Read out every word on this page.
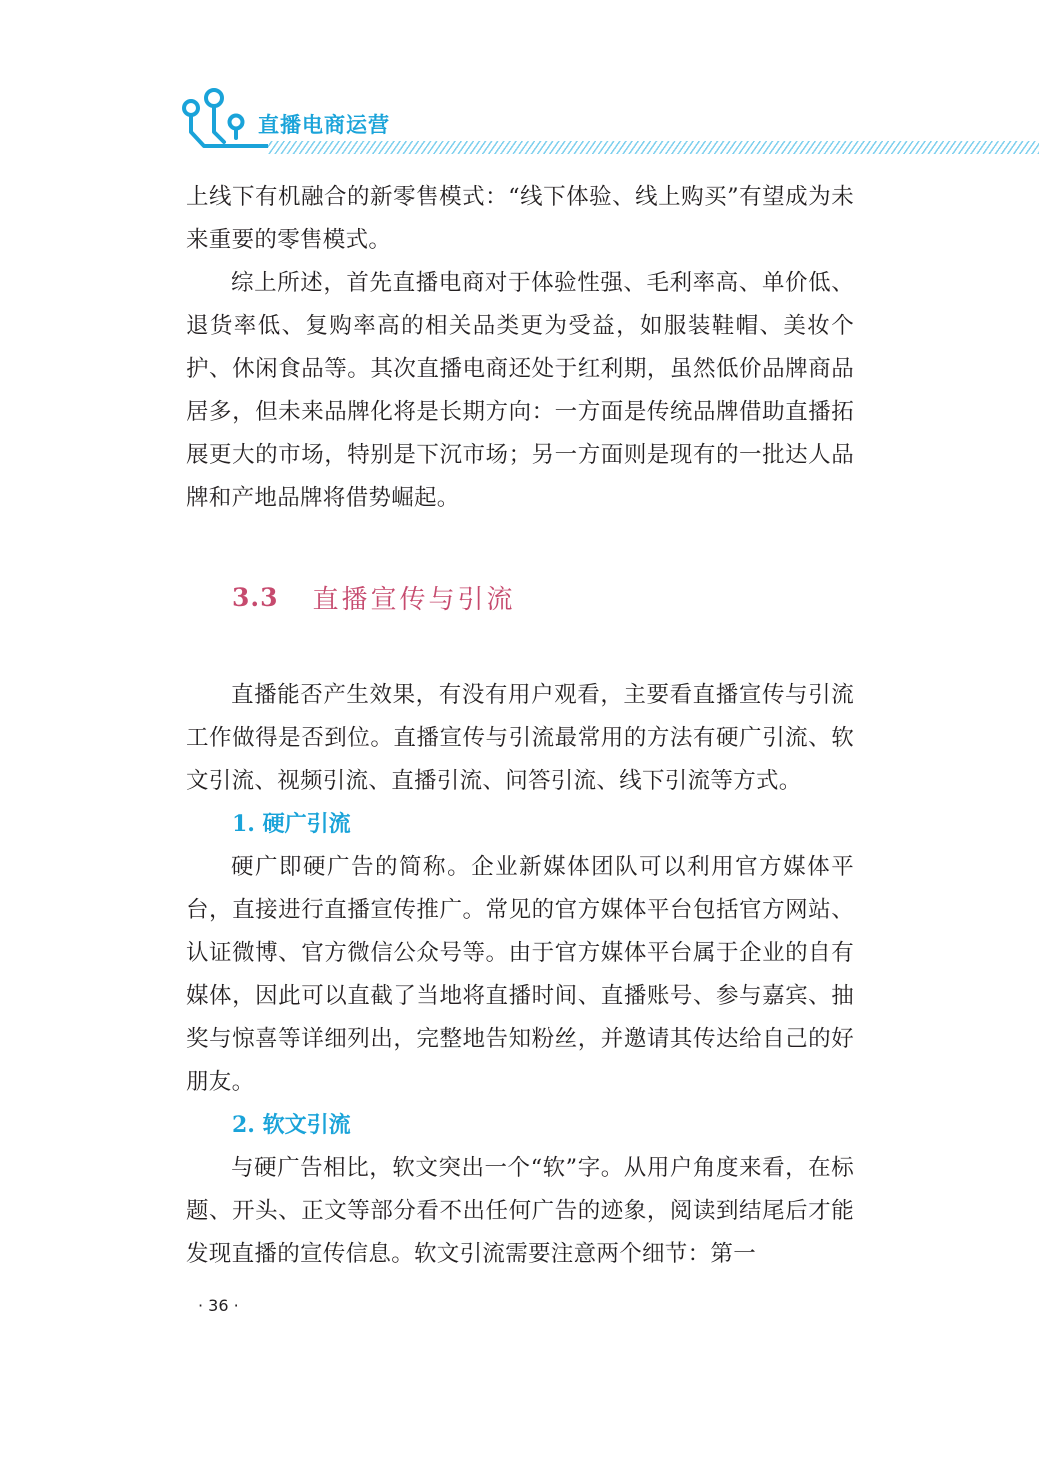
直播电商运营

上线下有机融合的新零售模式：“线下体验、线上购买”有望成为未来重要的零售模式。

综上所述，首先直播电商对于体验性强、毛利率高、单价低、退货率低、复购率高的相关品类更为受益，如服装鞋帽、美妆个护、休闲食品等。其次直播电商还处于红利期，虽然低价品牌商品居多，但未来品牌化将是长期方向：一方面是传统品牌借助直播拓展更大的市场，特别是下沉市场；另一方面则是现有的一批达人品牌和产地品牌将借势崛起。

3.3 直播宣传与引流

直播能否产生效果，有没有用户观看，主要看直播宣传与引流工作做得是否到位。直播宣传与引流最常用的方法有硬广引流、软文引流、视频引流、直播引流、问答引流、线下引流等方式。

1. 硬广引流

硬广即硬广告的简称。企业新媒体团队可以利用官方媒体平台，直接进行直播宣传推广。常见的官方媒体平台包括官方网站、认证微博、官方微信公众号等。由于官方媒体平台属于企业的自有媒体，因此可以直截了当地将直播时间、直播账号、参与嘉宾、抽奖与惊喜等详细列出，完整地告知粉丝，并邀请其传达给自己的好朋友。

2. 软文引流

与硬广告相比，软文突出一个“软”字。从用户角度来看，在标题、开头、正文等部分看不出任何广告的迹象，阅读到结尾后才能发现直播的宣传信息。软文引流需要注意两个细节：第一

· 36 ·
